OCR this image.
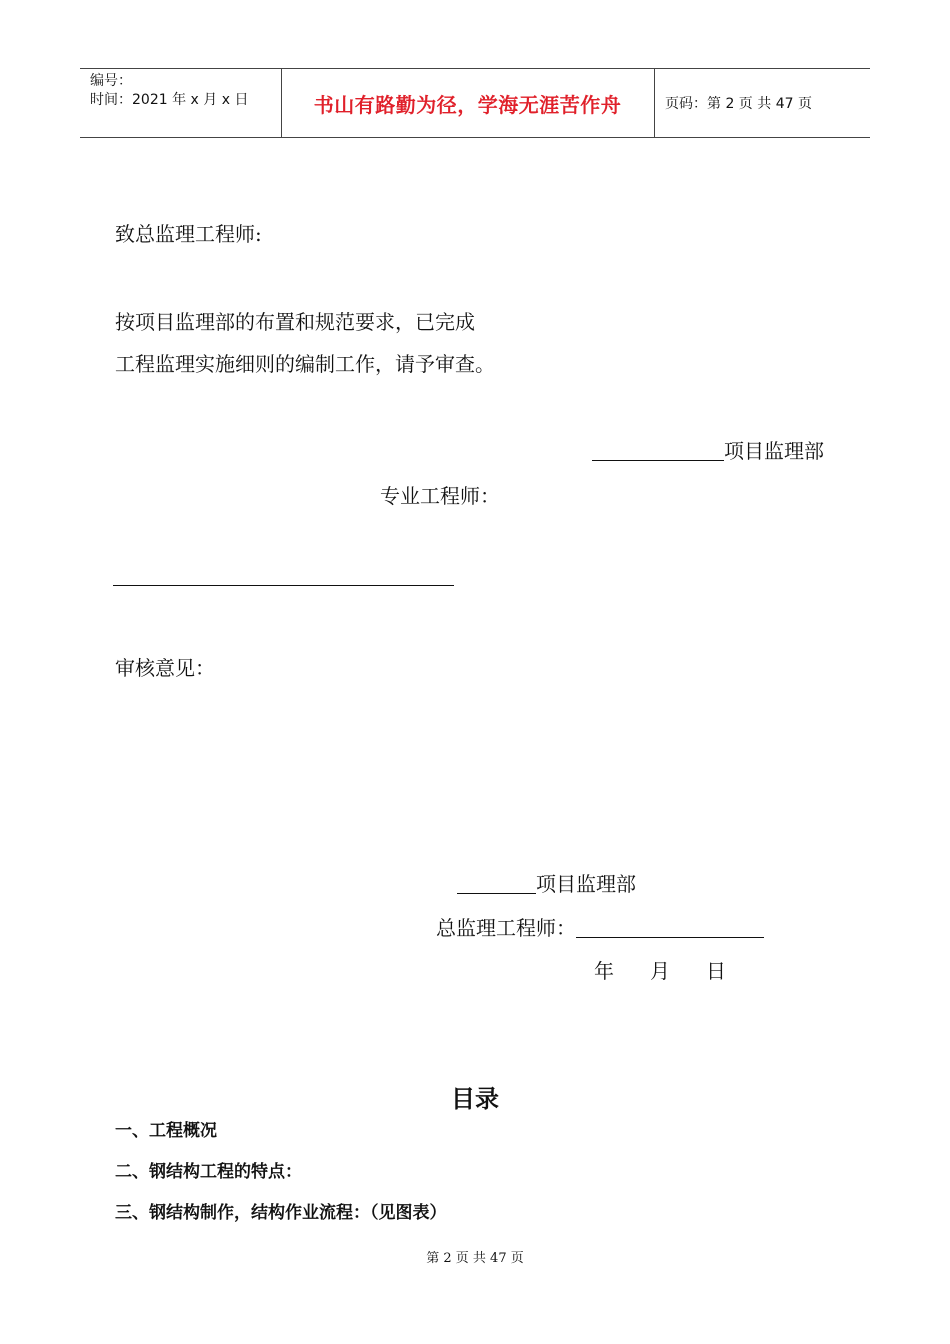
编号：
时间：2021 年 x 月 x 日	书山有路勤为径，学海无涯苦作舟	页码：第 2 页 共 47 页
致总监理工程师:
按项目监理部的布置和规范要求，已完成
工程监理实施细则的编制工作，请予审查。
项目监理部
专业工程师：
审核意见：
项目监理部
总监理工程师：
年 月 日
目录
一、工程概况
二、钢结构工程的特点：
三、钢结构制作，结构作业流程：（见图表）
第 2 页 共 47 页
